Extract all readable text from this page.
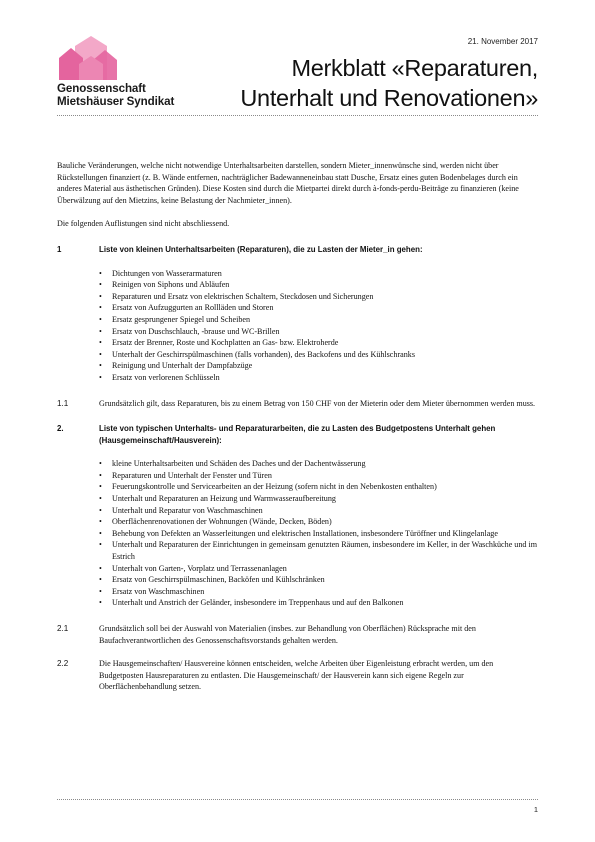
Genossenschaft
Mietshäuser Syndikat
21. November 2017
Merkblatt «Reparaturen,
Unterhalt und Renovationen»

Bauliche Veränderungen, welche nicht notwendige Unterhaltsarbeiten darstellen, sondern Mieter_innenwünsche sind, werden nicht über Rückstellungen finanziert (z. B. Wände entfernen, nachträglicher Badewanneneinbau statt Dusche, Ersatz eines guten Bodenbelages durch ein anderes Material aus ästhetischen Gründen). Diese Kosten sind durch die Mietpartei direkt durch à-fonds-perdu-Beiträge zu finanzieren (keine Überwälzung auf den Mietzins, keine Belastung der Nachmieter_innen).

Die folgenden Auflistungen sind nicht abschliessend.

1	Liste von kleinen Unterhaltsarbeiten (Reparaturen), die zu Lasten der Mieter_in gehen:
• Dichtungen von Wasserarmaturen
• Reinigen von Siphons und Abläufen
• Reparaturen und Ersatz von elektrischen Schaltern, Steckdosen und Sicherungen
• Ersatz von Aufzuggurten an Rollläden und Storen
• Ersatz gesprungener Spiegel und Scheiben
• Ersatz von Duschschlauch, -brause und WC-Brillen
• Ersatz der Brenner, Roste und Kochplatten an Gas- bzw. Elektroherde
• Unterhalt der Geschirrspülmaschinen (falls vorhanden), des Backofens und des Kühlschranks
• Reinigung und Unterhalt der Dampfabzüge
• Ersatz von verlorenen Schlüsseln
1.1	Grundsätzlich gilt, dass Reparaturen, bis zu einem Betrag von 150 CHF von der Mieterin oder dem Mieter übernommen werden muss.
2.	Liste von typischen Unterhalts- und Reparaturarbeiten, die zu Lasten des Budgetpostens Unterhalt gehen (Hausgemeinschaft/Hausverein):
• kleine Unterhaltsarbeiten und Schäden des Daches und der Dachentwässerung
• Reparaturen und Unterhalt der Fenster und Türen
• Feuerungskontrolle und Servicearbeiten an der Heizung (sofern nicht in den Nebenkosten enthalten)
• Unterhalt und Reparaturen an Heizung und Warmwasseraufbereitung
• Unterhalt und Reparatur von Waschmaschinen
• Oberflächenrenovationen der Wohnungen (Wände, Decken, Böden)
• Behebung von Defekten an Wasserleitungen und elektrischen Installationen, insbesondere Türöffner und Klingelanlage
• Unterhalt und Reparaturen der Einrichtungen in gemeinsam genutzten Räumen, insbesondere im Keller, in der Waschküche und im Estrich
• Unterhalt von Garten-, Vorplatz und Terrassenanlagen
• Ersatz von Geschirrspülmaschinen, Backöfen und Kühlschränken
• Ersatz von Waschmaschinen
• Unterhalt und Anstrich der Geländer, insbesondere im Treppenhaus und auf den Balkonen
2.1	Grundsätzlich soll bei der Auswahl von Materialien (insbes. zur Behandlung von Oberflächen) Rücksprache mit den Baufachverantwortlichen des Genossenschaftsvorstands gehalten werden.
2.2	Die Hausgemeinschaften/ Hausvereine können entscheiden, welche Arbeiten über Eigenleistung erbracht werden, um den Budgetposten Hausreparaturen zu entlasten. Die Hausgemeinschaft/ der Hausverein kann sich eigene Regeln zur Oberflächenbehandlung setzen.
1
